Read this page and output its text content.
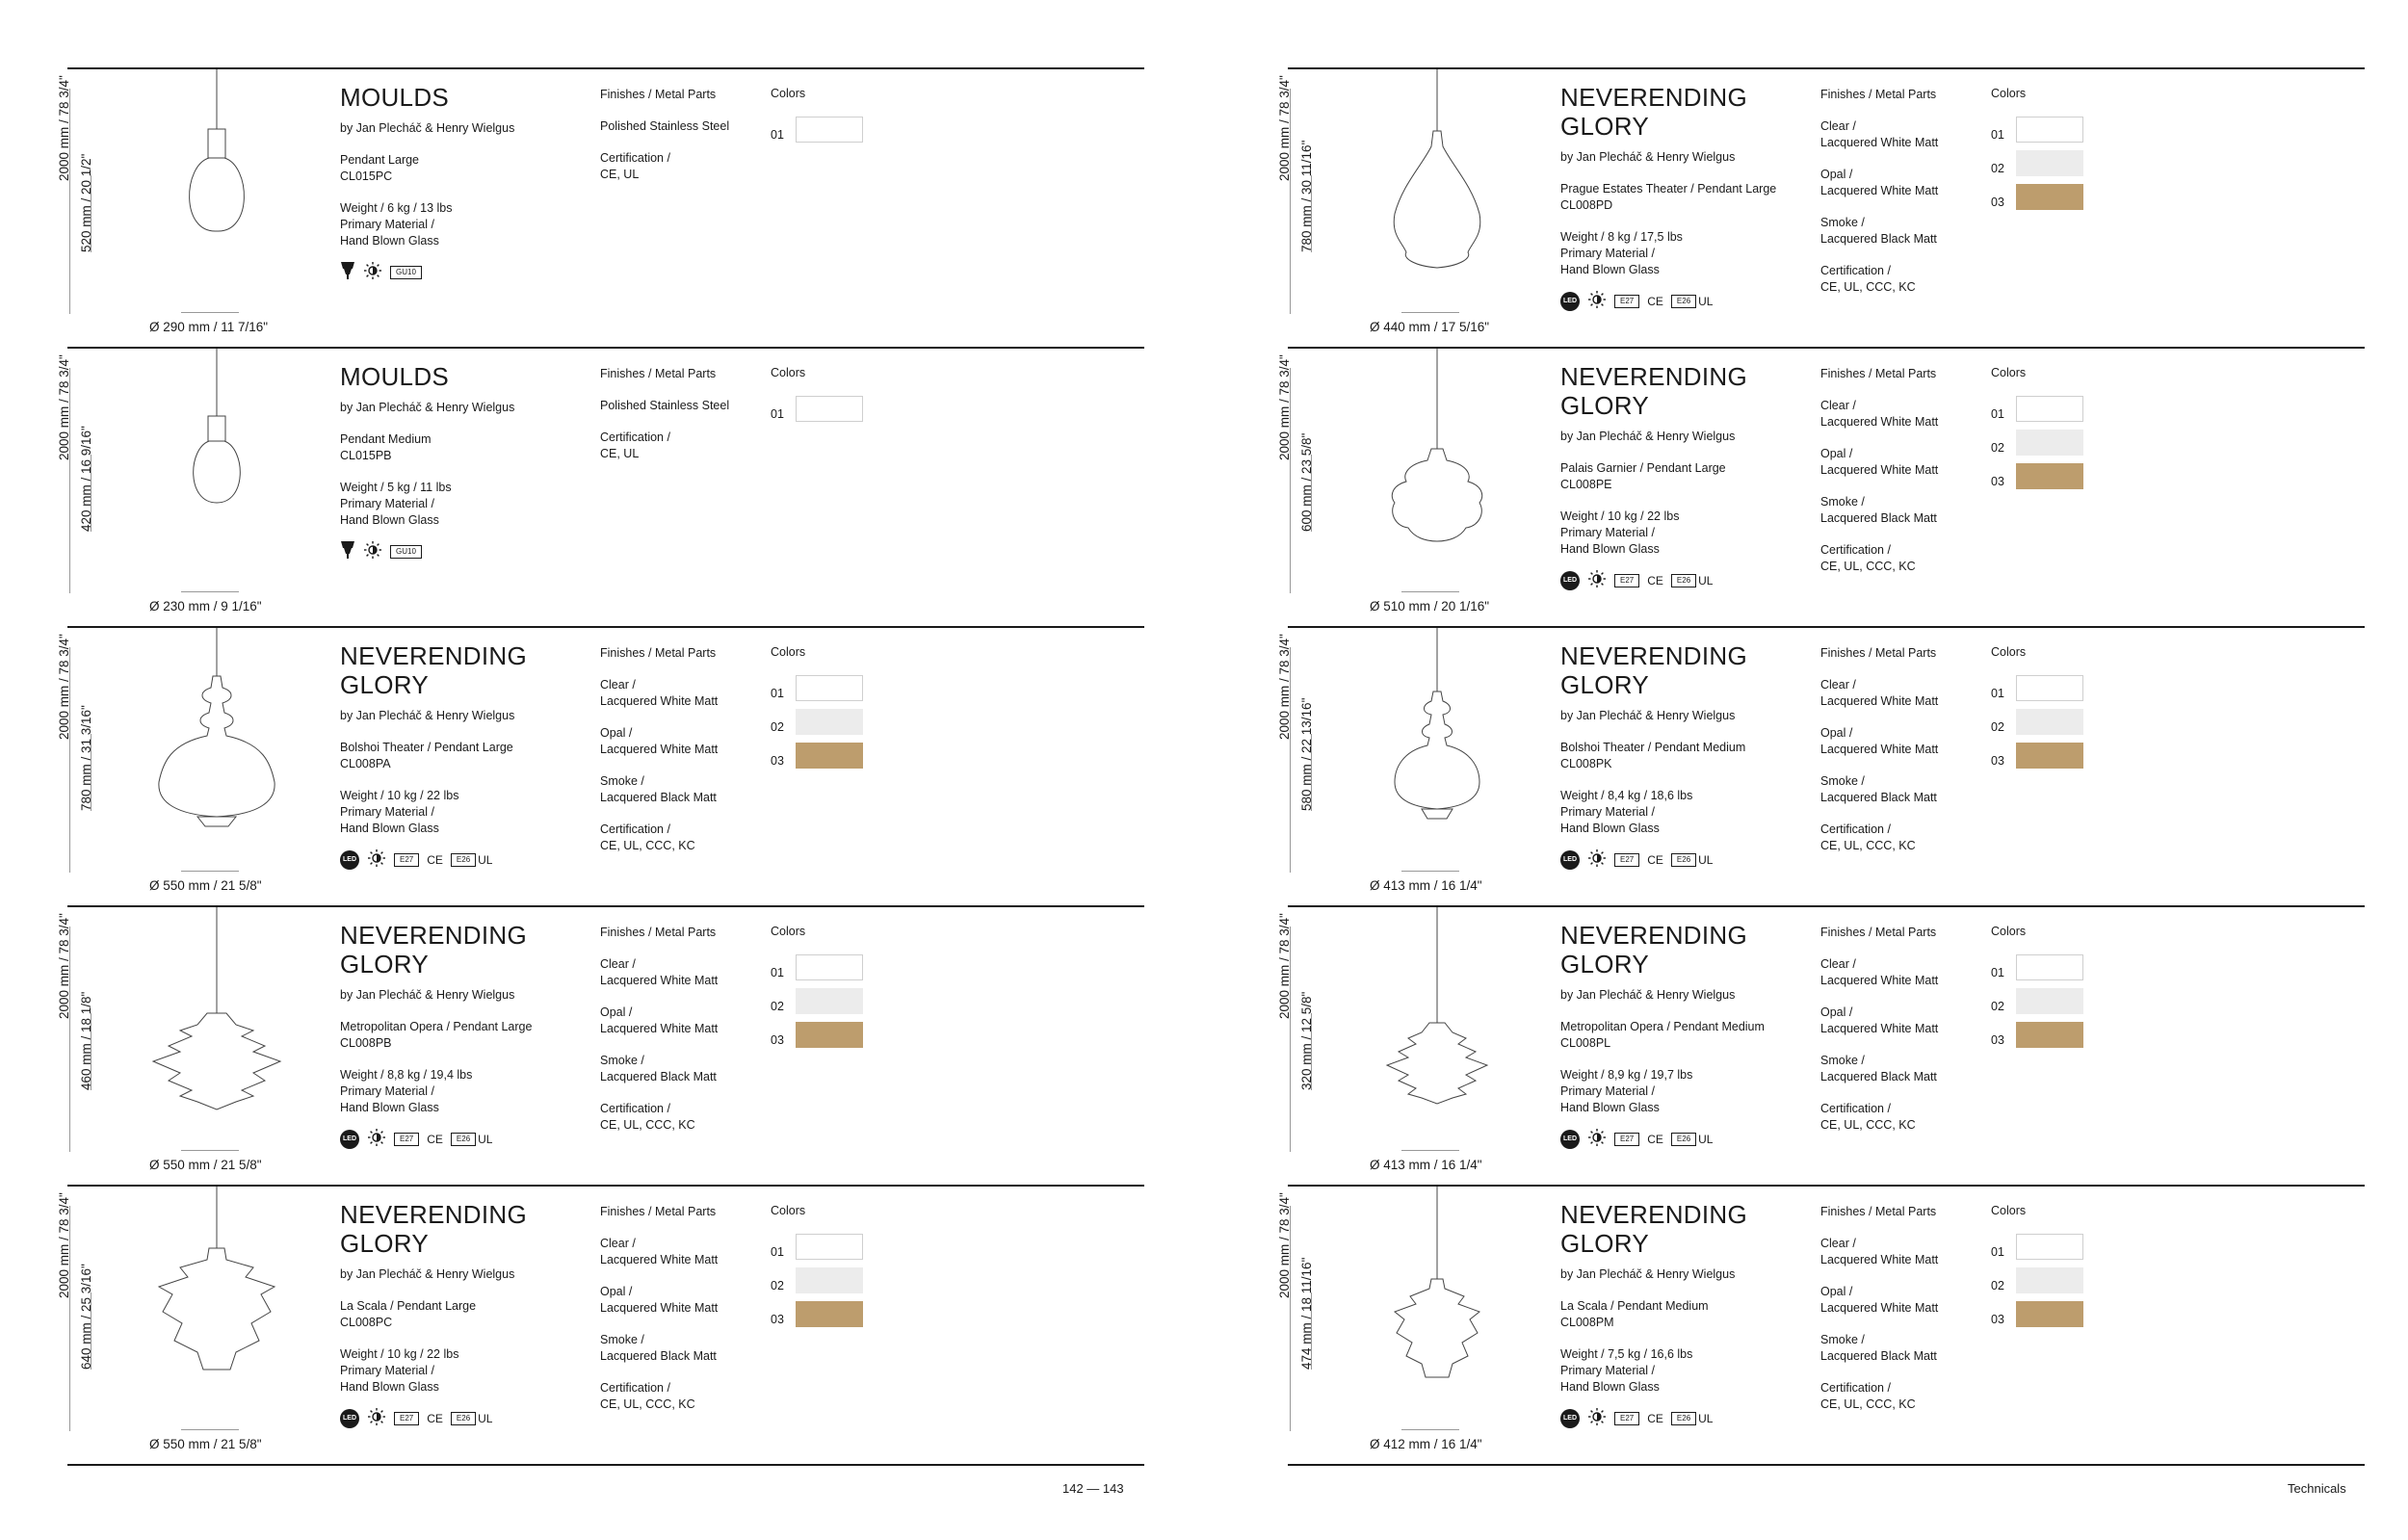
2000 mm / 78 3/4"
520 mm / 20 1/2"
Ø 290 mm / 11 7/16"
MOULDS
by Jan Plecháč & Henry Wielgus
Pendant Large
CL015PC
Weight / 6 kg / 13 lbs
Primary Material /
Hand Blown Glass
GU10
Finishes / Metal Parts
Polished Stainless Steel
Certification /
CE, UL
Colors
01
2000 mm / 78 3/4"
420 mm / 16 9/16"
Ø 230 mm / 9 1/16"
MOULDS
by Jan Plecháč & Henry Wielgus
Pendant Medium
CL015PB
Weight / 5 kg / 11 lbs
Primary Material /
Hand Blown Glass
GU10
Finishes / Metal Parts
Polished Stainless Steel
Certification /
CE, UL
Colors
01
2000 mm / 78 3/4"
780 mm / 31 3/16"
Ø 550 mm / 21 5/8"
NEVERENDING
GLORY
by Jan Plecháč & Henry Wielgus
Bolshoi Theater / Pendant Large
CL008PA
Weight / 10 kg / 22 lbs
Primary Material /
Hand Blown Glass
LED	E27	CE	E26 UL
Finishes / Metal Parts
Clear /
Lacquered White Matt
Opal /
Lacquered White Matt
Smoke /
Lacquered Black Matt
Certification /
CE, UL, CCC, KC
Colors
01
02
03
2000 mm / 78 3/4"
460 mm / 18 1/8"
Ø 550 mm / 21 5/8"
NEVERENDING
GLORY
by Jan Plecháč & Henry Wielgus
Metropolitan Opera / Pendant Large
CL008PB
Weight / 8,8 kg / 19,4 lbs
Primary Material /
Hand Blown Glass
LED	E27	CE	E26 UL
Finishes / Metal Parts
Clear /
Lacquered White Matt
Opal /
Lacquered White Matt
Smoke /
Lacquered Black Matt
Certification /
CE, UL, CCC, KC
Colors
01
02
03
2000 mm / 78 3/4"
640 mm / 25 3/16"
Ø 550 mm / 21 5/8"
NEVERENDING
GLORY
by Jan Plecháč & Henry Wielgus
La Scala / Pendant Large
CL008PC
Weight / 10 kg / 22 lbs
Primary Material /
Hand Blown Glass
LED	E27	CE	E26 UL
Finishes / Metal Parts
Clear /
Lacquered White Matt
Opal /
Lacquered White Matt
Smoke /
Lacquered Black Matt
Certification /
CE, UL, CCC, KC
Colors
01
02
03
2000 mm / 78 3/4"
780 mm / 30 11/16"
Ø 440 mm / 17 5/16"
NEVERENDING
GLORY
by Jan Plecháč & Henry Wielgus
Prague Estates Theater / Pendant Large
CL008PD
Weight / 8 kg / 17,5 lbs
Primary Material /
Hand Blown Glass
LED	E27	CE	E26 UL
Finishes / Metal Parts
Clear /
Lacquered White Matt
Opal /
Lacquered White Matt
Smoke /
Lacquered Black Matt
Certification /
CE, UL, CCC, KC
Colors
01
02
03
2000 mm / 78 3/4"
600 mm / 23 5/8"
Ø 510 mm / 20 1/16"
NEVERENDING
GLORY
by Jan Plecháč & Henry Wielgus
Palais Garnier / Pendant Large
CL008PE
Weight / 10 kg / 22 lbs
Primary Material /
Hand Blown Glass
LED	E27	CE	E26 UL
Finishes / Metal Parts
Clear /
Lacquered White Matt
Opal /
Lacquered White Matt
Smoke /
Lacquered Black Matt
Certification /
CE, UL, CCC, KC
Colors
01
02
03
2000 mm / 78 3/4"
580 mm / 22 13/16"
Ø 413 mm / 16 1/4"
NEVERENDING
GLORY
by Jan Plecháč & Henry Wielgus
Bolshoi Theater / Pendant Medium
CL008PK
Weight / 8,4 kg / 18,6 lbs
Primary Material /
Hand Blown Glass
LED	E27	CE	E26 UL
Finishes / Metal Parts
Clear /
Lacquered White Matt
Opal /
Lacquered White Matt
Smoke /
Lacquered Black Matt
Certification /
CE, UL, CCC, KC
Colors
01
02
03
2000 mm / 78 3/4"
320 mm / 12 5/8"
Ø 413 mm / 16 1/4"
NEVERENDING
GLORY
by Jan Plecháč & Henry Wielgus
Metropolitan Opera / Pendant Medium
CL008PL
Weight / 8,9 kg / 19,7 lbs
Primary Material /
Hand Blown Glass
LED	E27	CE	E26 UL
Finishes / Metal Parts
Clear /
Lacquered White Matt
Opal /
Lacquered White Matt
Smoke /
Lacquered Black Matt
Certification /
CE, UL, CCC, KC
Colors
01
02
03
2000 mm / 78 3/4"
474 mm / 18 11/16"
Ø 412 mm / 16 1/4"
NEVERENDING
GLORY
by Jan Plecháč & Henry Wielgus
La Scala / Pendant Medium
CL008PM
Weight / 7,5 kg / 16,6 lbs
Primary Material /
Hand Blown Glass
LED	E27	CE	E26 UL
Finishes / Metal Parts
Clear /
Lacquered White Matt
Opal /
Lacquered White Matt
Smoke /
Lacquered Black Matt
Certification /
CE, UL, CCC, KC
Colors
01
02
03
142 — 143	Technicals
